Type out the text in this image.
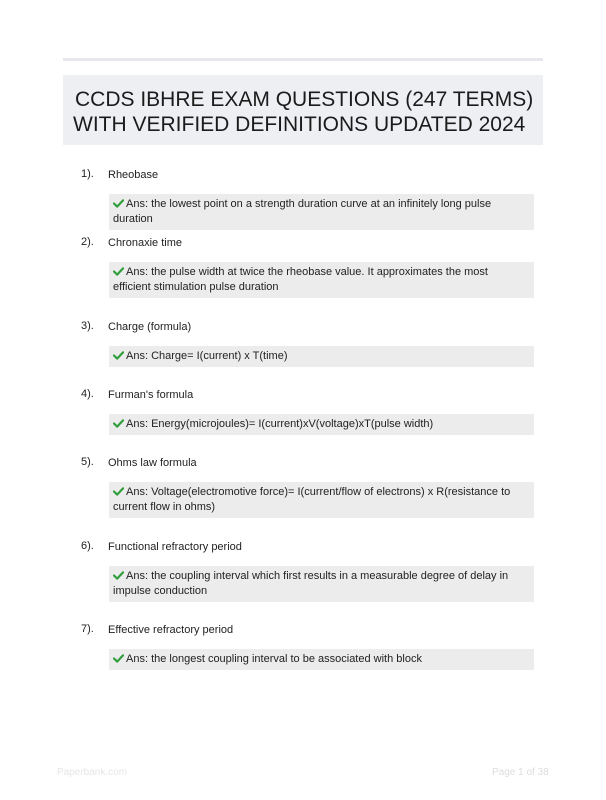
CCDS IBHRE EXAM QUESTIONS (247 TERMS)
WITH VERIFIED DEFINITIONS UPDATED 2024
1). Rheobase
Ans: the lowest point on a strength duration curve at an infinitely long pulse duration
2). Chronaxie time
Ans: the pulse width at twice the rheobase value. It approximates the most efficient stimulation pulse duration
3). Charge (formula)
Ans: Charge= I(current) x T(time)
4). Furman's formula
Ans: Energy(microjoules)= I(current)xV(voltage)xT(pulse width)
5). Ohms law formula
Ans: Voltage(electromotive force)= I(current/flow of electrons) x R(resistance to current flow in ohms)
6). Functional refractory period
Ans: the coupling interval which first results in a measurable degree of delay in impulse conduction
7). Effective refractory period
Ans: the longest coupling interval to be associated with block
Paperbank.com	Page 1 of 38
